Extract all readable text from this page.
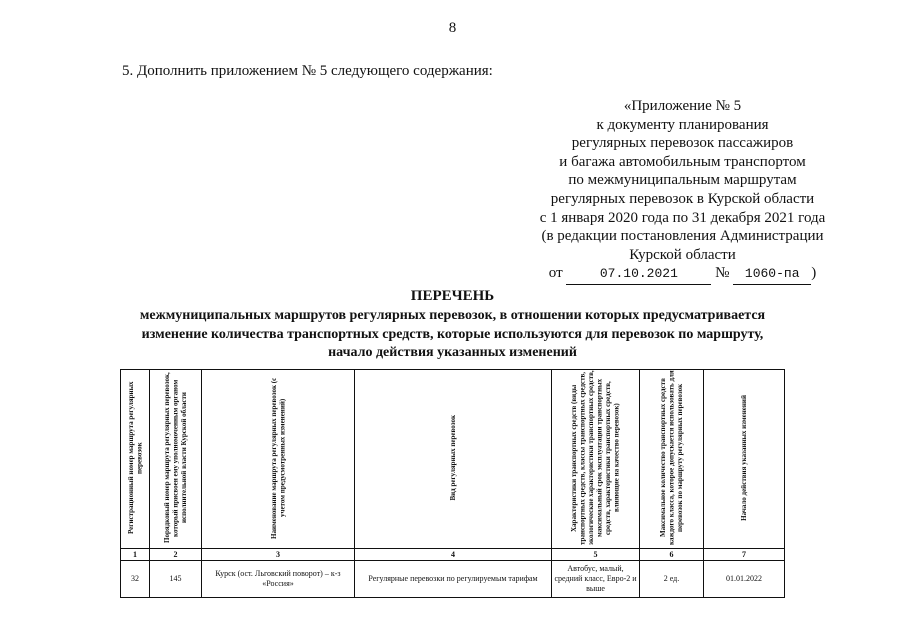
8
5. Дополнить приложением № 5 следующего содержания:
«Приложение № 5
к документу планирования
регулярных перевозок пассажиров
и багажа автомобильным транспортом
по межмуниципальным маршрутам
регулярных перевозок в Курской области
с 1 января 2020 года по 31 декабря 2021 года
(в редакции постановления Администрации
Курской области
от	07.10.2021 № 1060-па )
ПЕРЕЧЕНЬ
межмуниципальных маршрутов регулярных перевозок, в отношении которых предусматривается
изменение количества транспортных средств, которые используются для перевозок по маршруту,
начало действия указанных изменений
Регистрационный номер маршрута регулярных перевозок	Порядковый номер маршрута регулярных перевозок, который присвоен ему уполномоченным органом исполнительной власти Курской области	Наименование маршрута регулярных перевозок (с учетом предусмотренных изменений)	Вид регулярных перевозок	Характеристики транспортных средств (виды транспортных средств, классы транспортных средств, экологические характеристики транспортных средств, максимальный срок эксплуатации транспортных средств, характеристики транспортных средств, влияющие на качество перевозок)	Максимальное количество транспортных средств каждого класса, которое допускается использовать для перевозок по маршруту регулярных перевозок	Начало действия указанных изменений
1	2	3	4	5	6	7
32	145	Курск (ост. Льговский поворот) – к-з «Россия»	Регулярные перевозки по регулируемым тарифам	Автобус, малый, средний класс, Евро-2 и выше	2 ед.	01.01.2022
